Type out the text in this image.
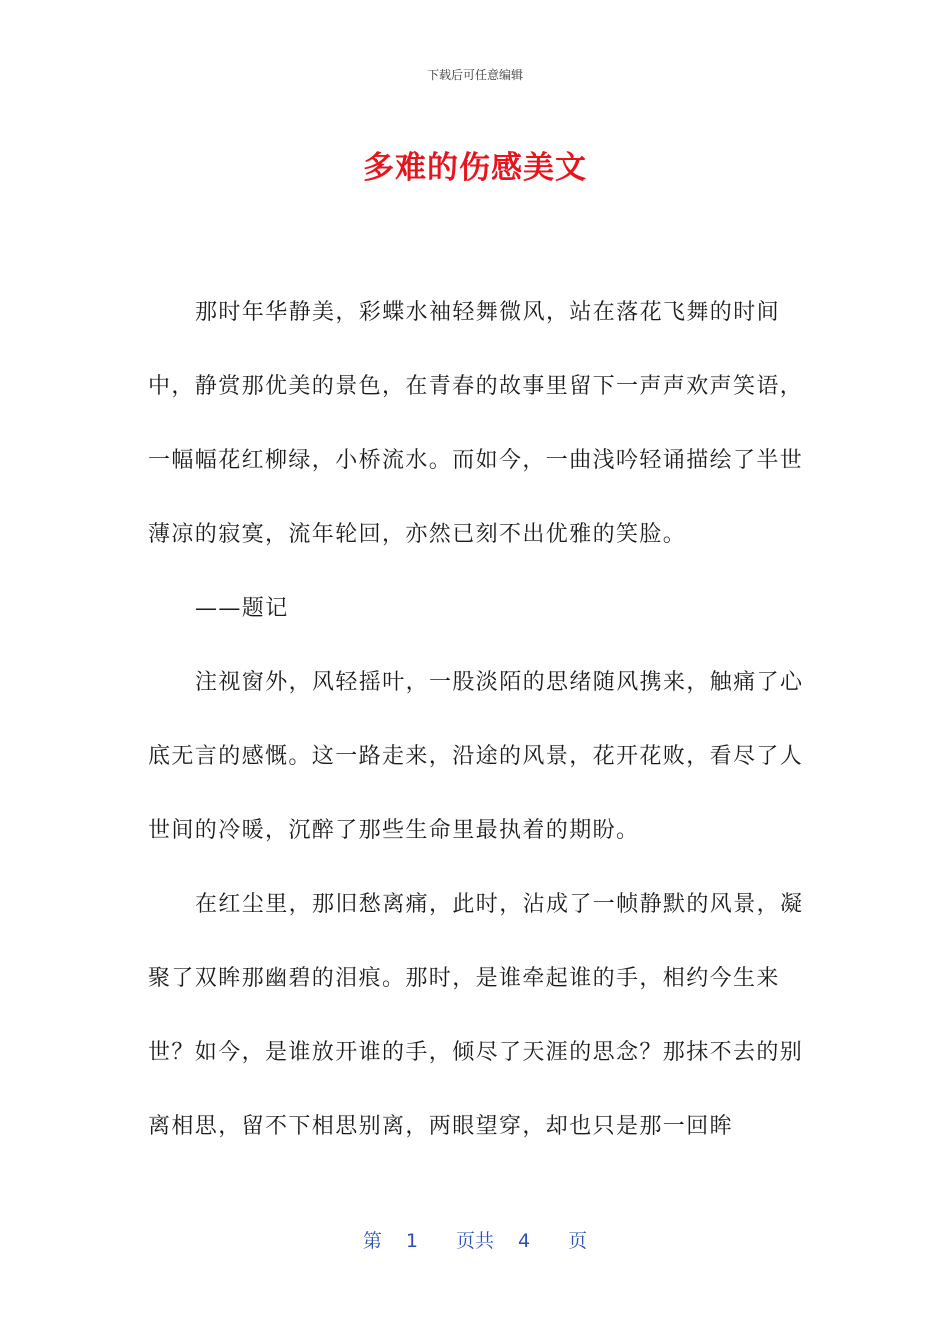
下载后可任意编辑
多难的伤感美文

那时年华静美，彩蝶水袖轻舞微风，站在落花飞舞的时间中，静赏那优美的景色，在青春的故事里留下一声声欢声笑语，一幅幅花红柳绿，小桥流水。而如今，一曲浅吟轻诵描绘了半世薄凉的寂寞，流年轮回，亦然已刻不出优雅的笑脸。

——题记

注视窗外，风轻摇叶，一股淡陌的思绪随风携来，触痛了心底无言的感慨。这一路走来，沿途的风景，花开花败，看尽了人世间的冷暖，沉醉了那些生命里最执着的期盼。

在红尘里，那旧愁离痛，此时，沾成了一帧静默的风景，凝聚了双眸那幽碧的泪痕。那时，是谁牵起谁的手，相约今生来世？如今，是谁放开谁的手，倾尽了天涯的思念？那抹不去的别离相思，留不下相思别离，两眼望穿，却也只是那一回眸

第 1 页共 4 页
